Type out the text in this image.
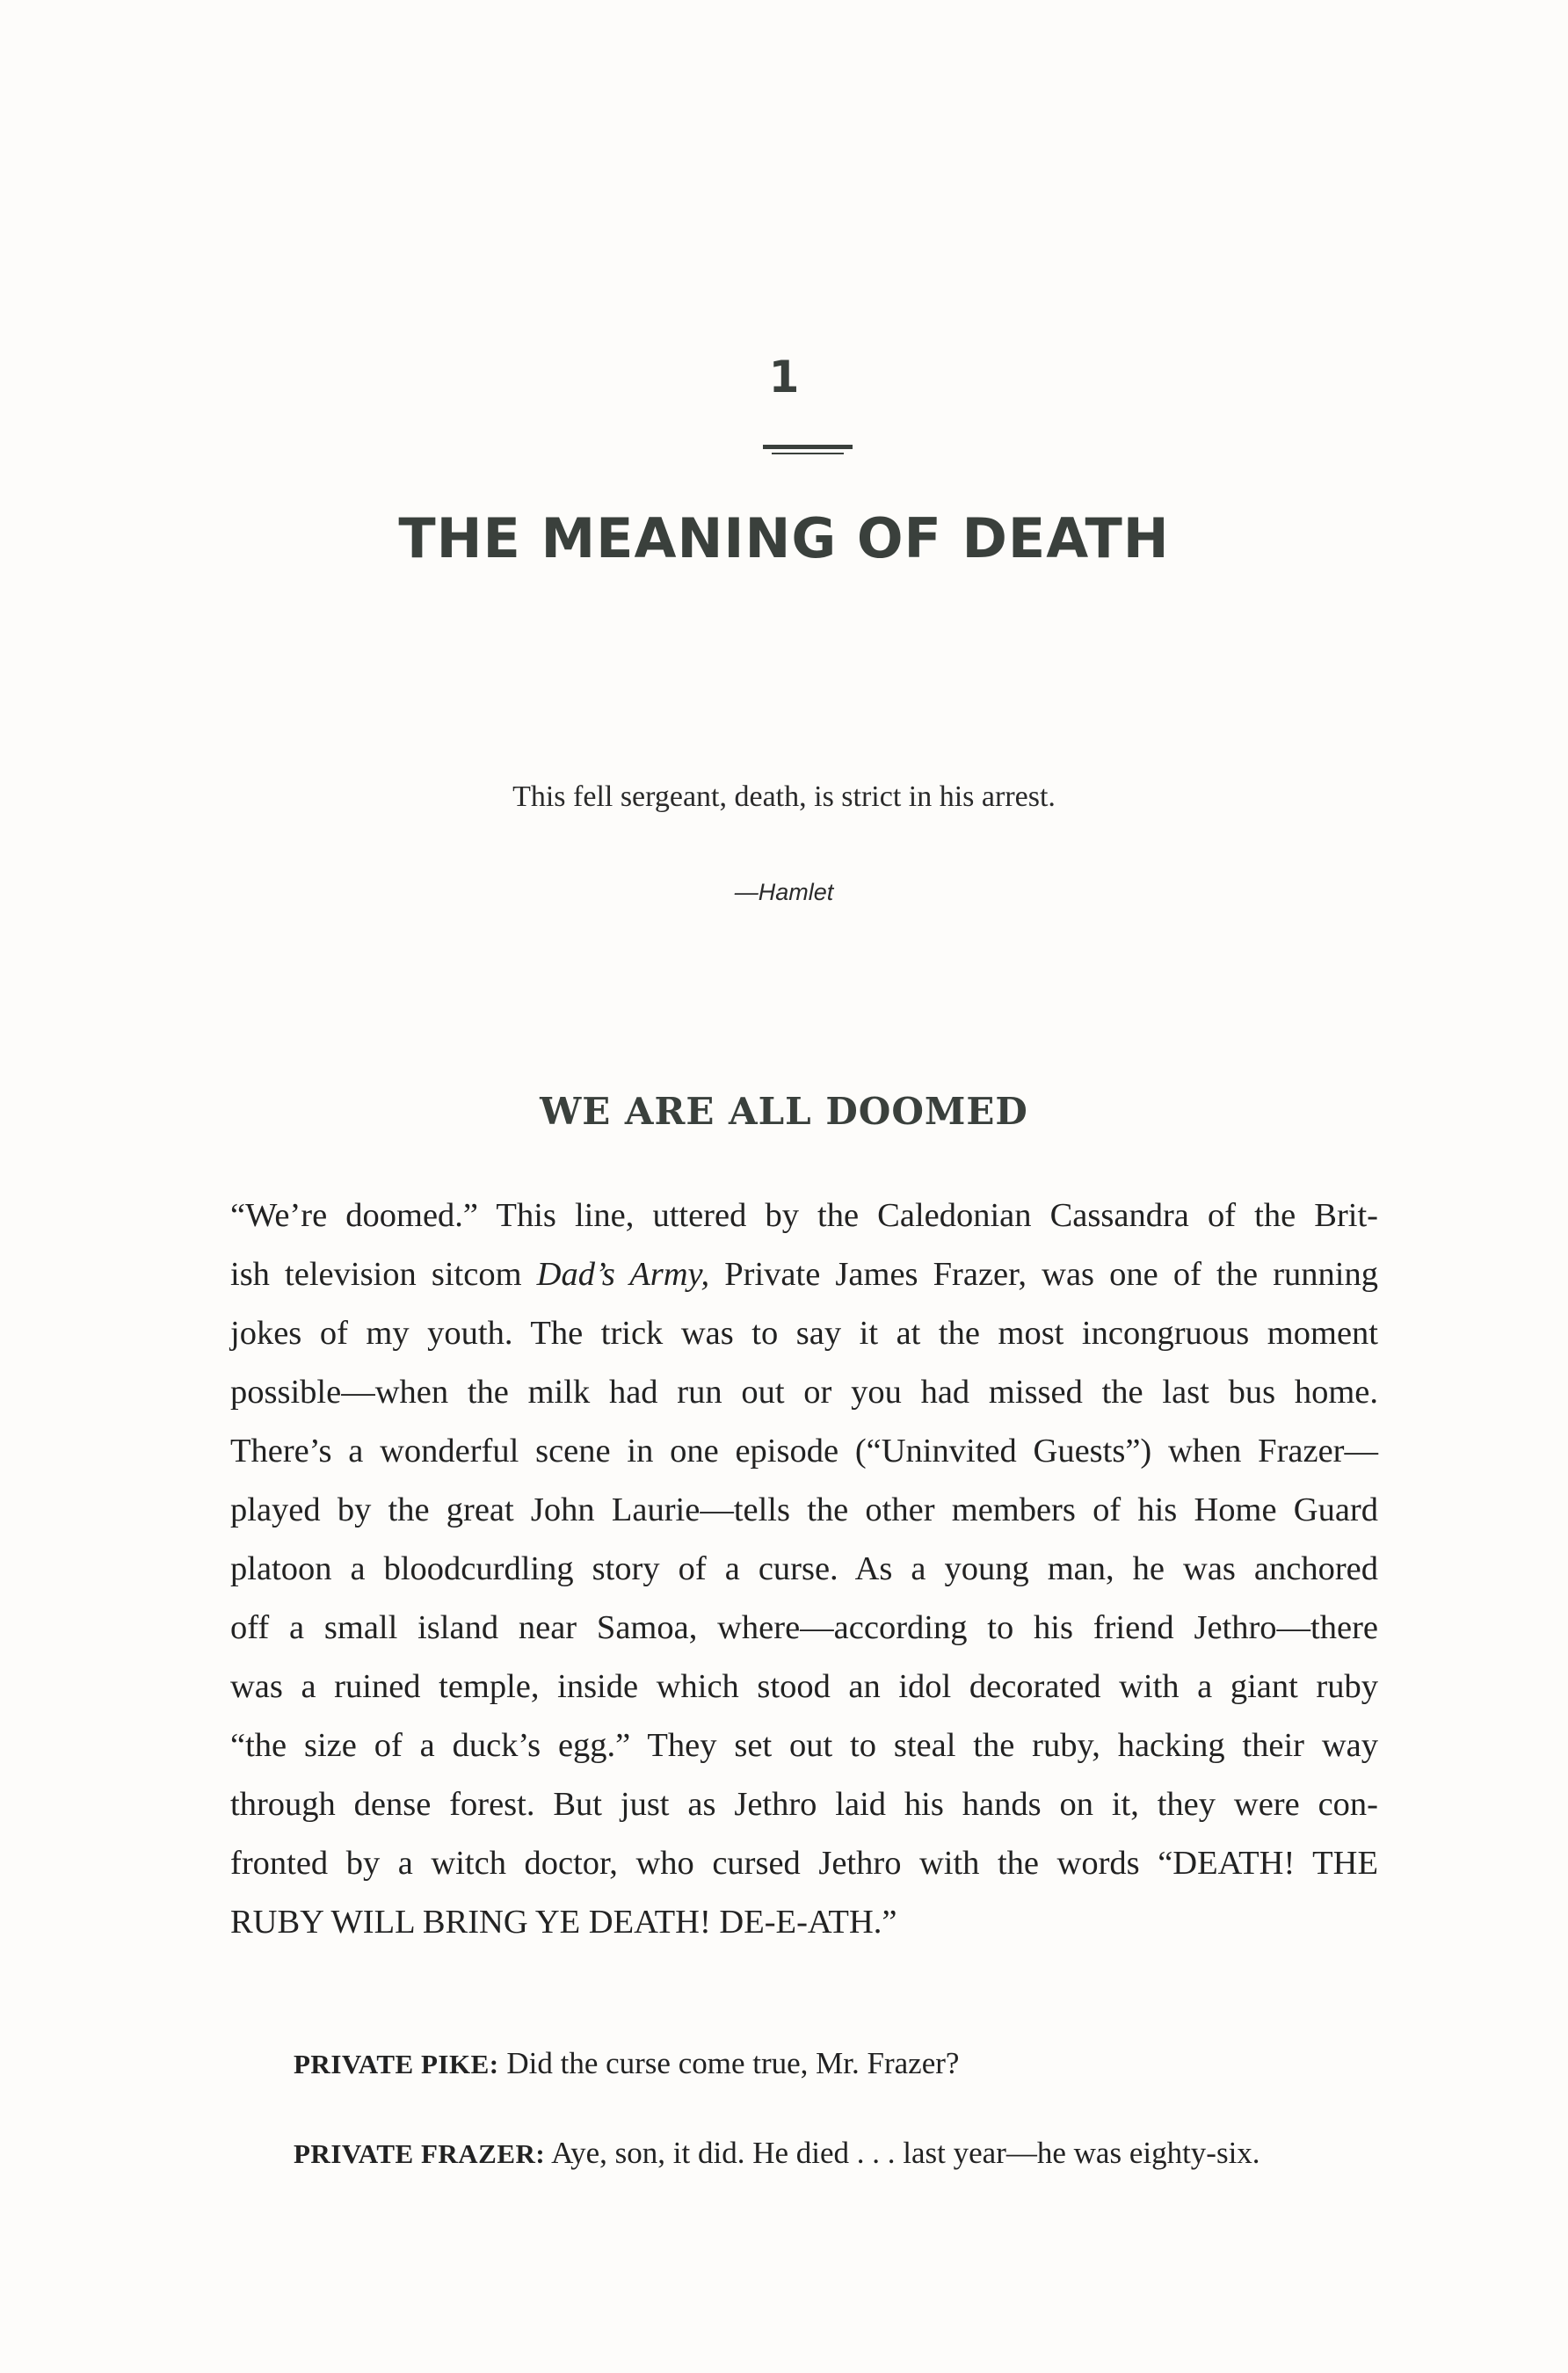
1
THE MEANING OF DEATH
This fell sergeant, death, is strict in his arrest.
—Hamlet
WE ARE ALL DOOMED
“We’re doomed.” This line, uttered by the Caledonian Cassandra of the Brit-
ish television sitcom Dad’s Army, Private James Frazer, was one of the running
jokes of my youth. The trick was to say it at the most incongruous moment
possible—when the milk had run out or you had missed the last bus home.
There’s a wonderful scene in one episode (“Uninvited Guests”) when Frazer—
played by the great John Laurie—tells the other members of his Home Guard
platoon a bloodcurdling story of a curse. As a young man, he was anchored
off a small island near Samoa, where—according to his friend Jethro—there
was a ruined temple, inside which stood an idol decorated with a giant ruby
“the size of a duck’s egg.” They set out to steal the ruby, hacking their way
through dense forest. But just as Jethro laid his hands on it, they were con-
fronted by a witch doctor, who cursed Jethro with the words “DEATH! THE
RUBY WILL BRING YE DEATH! DE-E-ATH.”
PRIVATE PIKE: Did the curse come true, Mr. Frazer?
PRIVATE FRAZER: Aye, son, it did. He died . . . last year—he was eighty-six.
